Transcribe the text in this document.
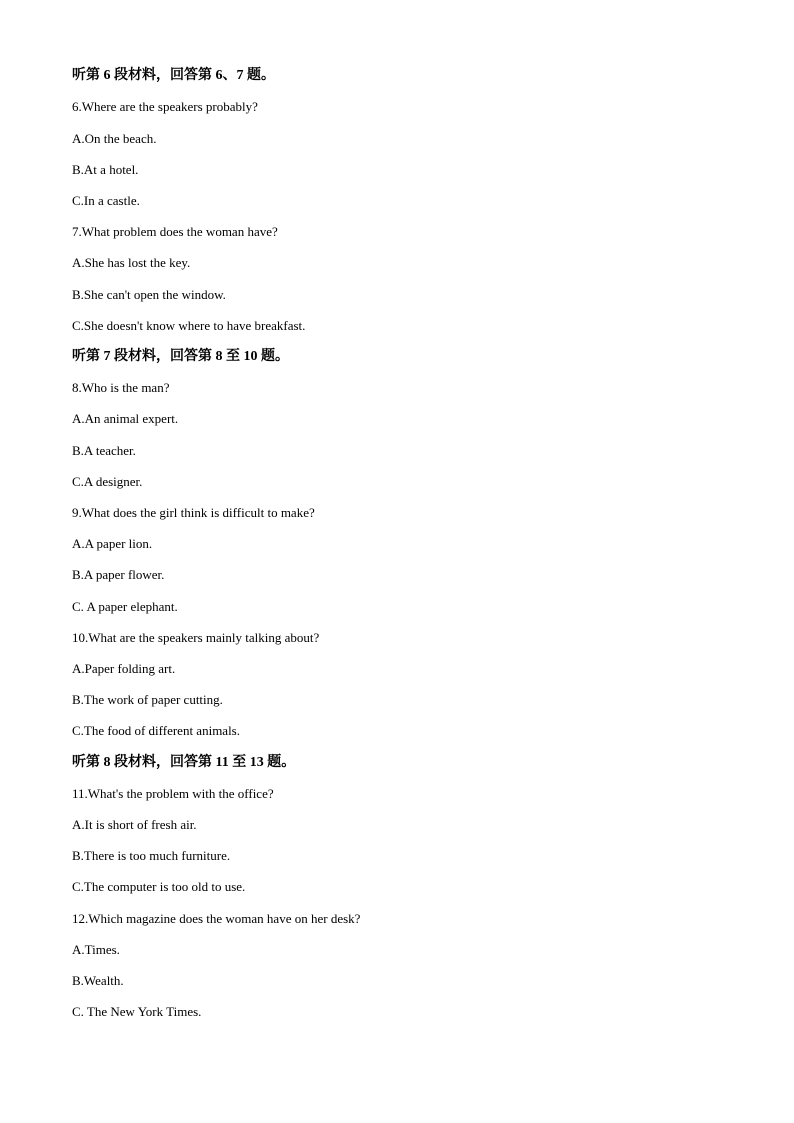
听第 6 段材料，回答第 6、7 题。
6.Where are the speakers probably?
A.On the beach.
B.At a hotel.
C.In a castle.
7.What problem does the woman have?
A.She has lost the key.
B.She can't open the window.
C.She doesn't know where to have breakfast.
听第 7 段材料，回答第 8 至 10 题。
8.Who is the man?
A.An animal expert.
B.A teacher.
C.A designer.
9.What does the girl think is difficult to make?
A.A paper lion.
B.A paper flower.
C. A paper elephant.
10.What are the speakers mainly talking about?
A.Paper folding art.
B.The work of paper cutting.
C.The food of different animals.
听第 8 段材料，回答第 11 至 13 题。
11.What's the problem with the office?
A.It is short of fresh air.
B.There is too much furniture.
C.The computer is too old to use.
12.Which magazine does the woman have on her desk?
A.Times.
B.Wealth.
C. The New York Times.
